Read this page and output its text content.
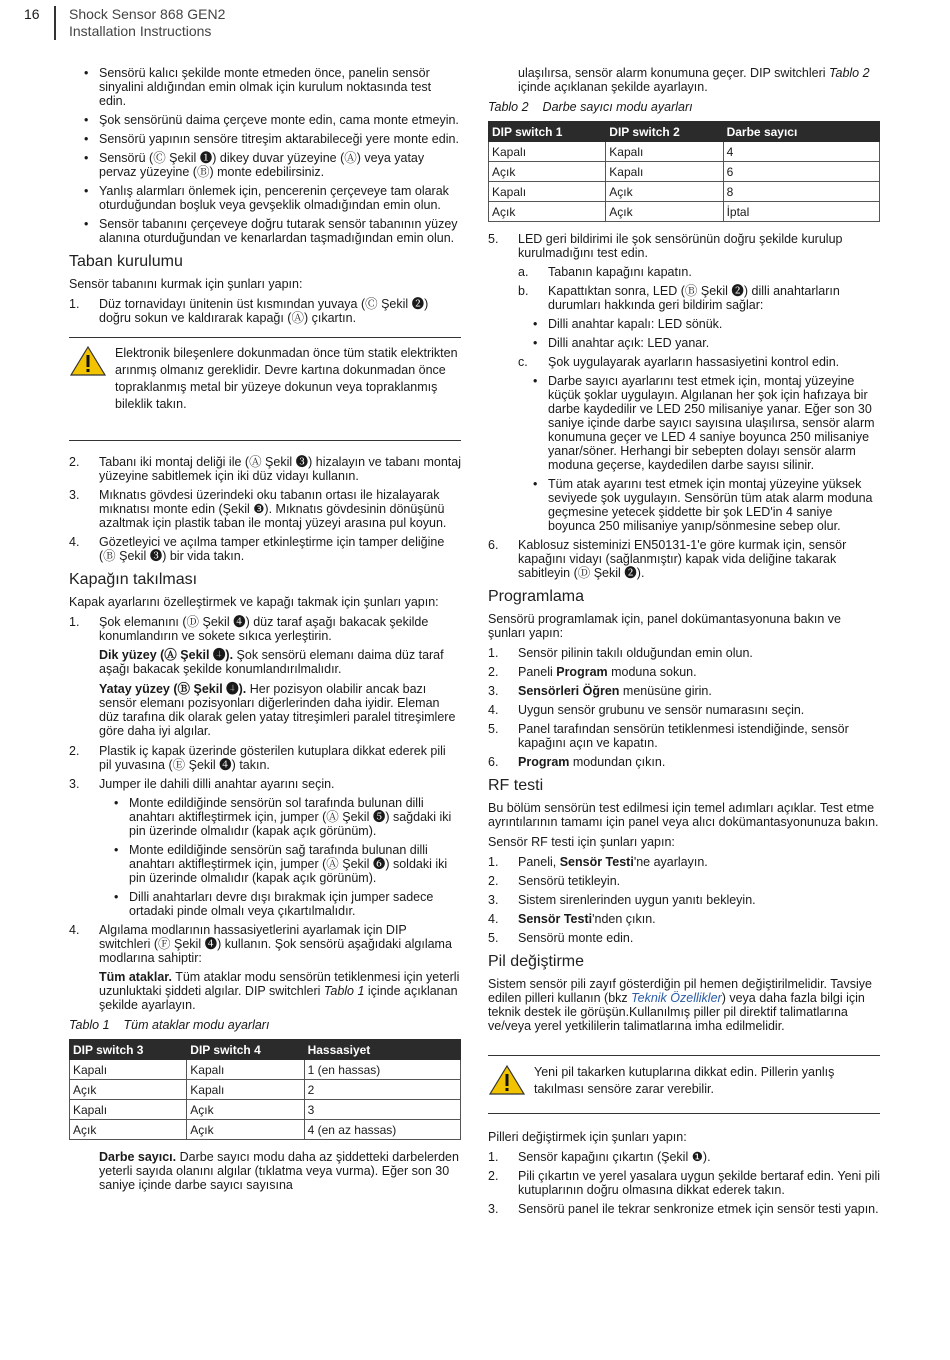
16 Shock Sensor 868 GEN2
Installation Instructions
• Sensörü kalıcı şekilde monte etmeden önce, panelin sensör sinyalini aldığından emin olmak için kurulum noktasında test edin.
• Şok sensörünü daima çerçeve monte edin, cama monte etmeyin.
• Sensörü yapının sensöre titreşim aktarabileceği yere monte edin.
• Sensörü (Ⓒ Şekil ❶) dikey duvar yüzeyine (Ⓐ) veya yatay pervaz yüzeyine (Ⓑ) monte edebilirsiniz.
• Yanlış alarmları önlemek için, pencerenin çerçeveye tam olarak oturduğundan boşluk veya gevşeklik olmadığından emin olun.
• Sensör tabanını çerçeveye doğru tutarak sensör tabanının yüzey alanına oturduğundan ve kenarlardan taşmadığından emin olun.
Taban kurulumu

Sensör tabanını kurmak için şunları yapın:

1.	Düz tornavidayı ünitenin üst kısmından yuvaya (Ⓒ Şekil ❷) doğru sokun ve kaldırarak kapağı (Ⓐ) çıkartın.
Elektronik bileşenlere dokunmadan önce tüm statik elektrikten arınmış olmanız gereklidir. Devre kartına dokunmadan önce topraklanmış metal bir yüzeye dokunun veya topraklanmış bileklik takın.
2.	Tabanı iki montaj deliği ile (Ⓐ Şekil ❸) hizalayın ve tabanı montaj yüzeyine sabitlemek için iki düz vidayı kullanın.
3.	Mıknatıs gövdesi üzerindeki oku tabanın ortası ile hizalayarak mıknatısı monte edin (Şekil ❸). Mıknatıs gövdesinin dönüşünü azaltmak için plastik taban ile montaj yüzeyi arasına pul koyun.
4.	Gözetleyici ve açılma tamper etkinleştirme için tamper deliğine (Ⓑ Şekil ❸) bir vida takın.
Kapağın takılması

Kapak ayarlarını özelleştirmek ve kapağı takmak için şunları yapın:

1.	Şok elemanını (Ⓓ Şekil ❹) düz taraf aşağı bakacak şekilde konumlandırın ve sokete sıkıca yerleştirin.

Dik yüzey (Ⓐ Şekil ❹). Şok sensörü elemanı daima düz taraf aşağı bakacak şekilde konumlandırılmalıdır.

Yatay yüzey (Ⓑ Şekil ❹). Her pozisyon olabilir ancak bazı sensör elemanı pozisyonları diğerlerinden daha iyidir. Eleman düz tarafına dik olarak gelen yatay titreşimleri paralel titreşimlere göre daha iyi algılar.

2.	Plastik iç kapak üzerinde gösterilen kutuplara dikkat ederek pili pil yuvasına (Ⓔ Şekil ❹) takın.
3.	Jumper ile dahili dilli anahtar ayarını seçin.
• Monte edildiğinde sensörün sol tarafında bulunan dilli anahtarı aktifleştirmek için, jumper (Ⓐ Şekil ❺) sağdaki iki pin üzerinde olmalıdır (kapak açık görünüm).
• Monte edildiğinde sensörün sağ tarafında bulunan dilli anahtarı aktifleştirmek için, jumper (Ⓐ Şekil ❻) soldaki iki pin üzerinde olmalıdır (kapak açık görünüm).
• Dilli anahtarları devre dışı bırakmak için jumper sadece ortadaki pinde olmalı veya çıkartılmalıdır.
4.	Algılama modlarının hassasiyetlerini ayarlamak için DIP switchleri (Ⓕ Şekil ❹) kullanın. Şok sensörü aşağıdaki algılama modlarına sahiptir:

Tüm ataklar. Tüm ataklar modu sensörün tetiklenmesi için yeterli uzunluktaki şiddeti algılar. DIP switchleri Tablo 1 içinde açıklanan şekilde ayarlayın.

Tablo 1 Tüm ataklar modu ayarları
DIP switch 3	DIP switch 4	Hassasiyet
Kapalı	Kapalı	1 (en hassas)
Açık	Kapalı	2
Kapalı	Açık	3
Açık	Açık	4 (en az hassas)

Darbe sayıcı. Darbe sayıcı modu daha az şiddetteki darbelerden yeterli sayıda olanını algılar (tıklatma veya vurma). Eğer son 30 saniye içinde darbe sayıcı sayısına

ulaşılırsa, sensör alarm konumuna geçer. DIP switchleri Tablo 2 içinde açıklanan şekilde ayarlayın.

Tablo 2 Darbe sayıcı modu ayarları
DIP switch 1	DIP switch 2	Darbe sayıcı
Kapalı	Kapalı	4
Açık	Kapalı	6
Kapalı	Açık	8
Açık	Açık	İptal
5.	LED geri bildirimi ile şok sensörünün doğru şekilde kurulup kurulmadığını test edin.
a.	Tabanın kapağını kapatın.
b.	Kapattıktan sonra, LED (Ⓑ Şekil ❷) dilli anahtarların durumları hakkında geri bildirim sağlar:
• Dilli anahtar kapalı: LED sönük.
• Dilli anahtar açık: LED yanar.
c.	Şok uygulayarak ayarların hassasiyetini kontrol edin.
• Darbe sayıcı ayarlarını test etmek için, montaj yüzeyine küçük şoklar uygulayın. Algılanan her şok için hafızaya bir darbe kaydedilir ve LED 250 milisaniye yanar. Eğer son 30 saniye içinde darbe sayıcı sayısına ulaşılırsa, sensör alarm konumuna geçer ve LED 4 saniye boyunca 250 milisaniye yanar/söner. Herhangi bir sebepten dolayı sensör alarm moduna geçerse, kaydedilen darbe sayısı silinir.
• Tüm atak ayarını test etmek için montaj yüzeyine yüksek seviyede şok uygulayın. Sensörün tüm atak alarm moduna geçmesine yetecek şiddette bir şok LED'in 4 saniye boyunca 250 milisaniye yanıp/sönmesine sebep olur.
6.	Kablosuz sisteminizi EN50131-1'e göre kurmak için, sensör kapağını vidayı (sağlanmıştır) kapak vida deliğine takarak sabitleyin (Ⓓ Şekil ❷).
Programlama

Sensörü programlamak için, panel dokümantasyonuna bakın ve şunları yapın:

1.	Sensör pilinin takılı olduğundan emin olun.
2.	Paneli Program moduna sokun.
3.	Sensörleri Öğren menüsüne girin.
4.	Uygun sensör grubunu ve sensör numarasını seçin.
5.	Panel tarafından sensörün tetiklenmesi istendiğinde, sensör kapağını açın ve kapatın.
6.	Program modundan çıkın.
RF testi

Bu bölüm sensörün test edilmesi için temel adımları açıklar. Test etme ayrıntılarının tamamı için panel veya alıcı dokümantasyonunuza bakın.

Sensör RF testi için şunları yapın:

1.	Paneli, Sensör Testi'ne ayarlayın.
2.	Sensörü tetikleyin.
3.	Sistem sirenlerinden uygun yanıtı bekleyin.
4.	Sensör Testi'nden çıkın.
5.	Sensörü monte edin.
Pil değiştirme

Sistem sensör pili zayıf gösterdiğin pil hemen değiştirilmelidir. Tavsiye edilen pilleri kullanın (bkz Teknik Özellikler) veya daha fazla bilgi için teknik destek ile görüşün.Kullanılmış piller pil direktif talimatlarına ve/veya yerel yetkililerin talimatlarına imha edilmelidir.

Yeni pil takarken kutuplarına dikkat edin. Pillerin yanlış takılması sensöre zarar verebilir.

Pilleri değiştirmek için şunları yapın:

1.	Sensör kapağını çıkartın (Şekil ❶).
2.	Pili çıkartın ve yerel yasalara uygun şekilde bertaraf edin. Yeni pili kutuplarının doğru olmasına dikkat ederek takın.
3.	Sensörü panel ile tekrar senkronize etmek için sensör testi yapın.
